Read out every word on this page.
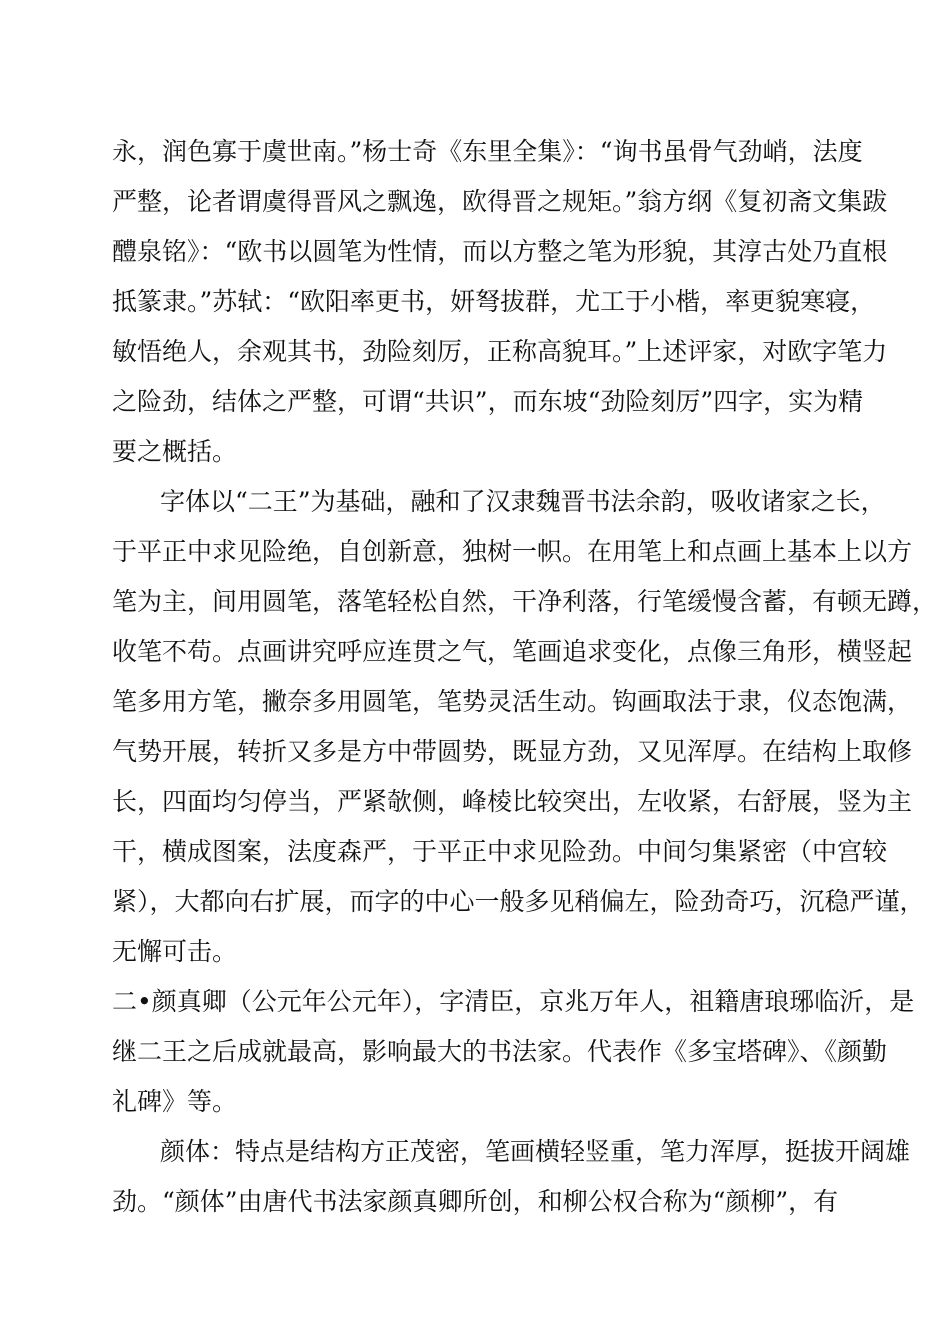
永，润色寡于虞世南。”杨士奇《东里全集》：“询书虽骨气劲峭，法度
严整，论者谓虞得晋风之飘逸，欧得晋之规矩。”翁方纲《复初斋文集跋
醴泉铭》：“欧书以圆笔为性情，而以方整之笔为形貌，其淳古处乃直根
抵篆隶。”苏轼：“欧阳率更书，妍弩拔群，尤工于小楷，率更貌寒寝，
敏悟绝人，余观其书，劲险刻厉，正称高貌耳。”上述评家，对欧字笔力
之险劲，结体之严整，可谓“共识”，而东坡“劲险刻厉”四字，实为精
要之概括。
字体以“二王”为基础，融和了汉隶魏晋书法余韵，吸收诸家之长，
于平正中求见险绝，自创新意，独树一帜。在用笔上和点画上基本上以方
笔为主，间用圆笔，落笔轻松自然，干净利落，行笔缓慢含蓄，有顿无蹲，
收笔不苟。点画讲究呼应连贯之气，笔画追求变化，点像三角形，横竖起
笔多用方笔，撇奈多用圆笔，笔势灵活生动。钩画取法于隶，仪态饱满，
气势开展，转折又多是方中带圆势，既显方劲，又见浑厚。在结构上取修
长，四面均匀停当，严紧欹侧，峰棱比较突出，左收紧，右舒展，竖为主
干，横成图案，法度森严，于平正中求见险劲。中间匀集紧密（中宫较
紧），大都向右扩展，而字的中心一般多见稍偏左，险劲奇巧，沉稳严谨，
无懈可击。
二•颜真卿（公元年公元年），字清臣，京兆万年人，祖籍唐琅琊临沂，是
继二王之后成就最高，影响最大的书法家。代表作《多宝塔碑》、《颜勤
礼碑》等。
颜体：特点是结构方正茂密，笔画横轻竖重，笔力浑厚，挺拔开阔雄
劲。“颜体”由唐代书法家颜真卿所创，和柳公权合称为“颜柳”，有
